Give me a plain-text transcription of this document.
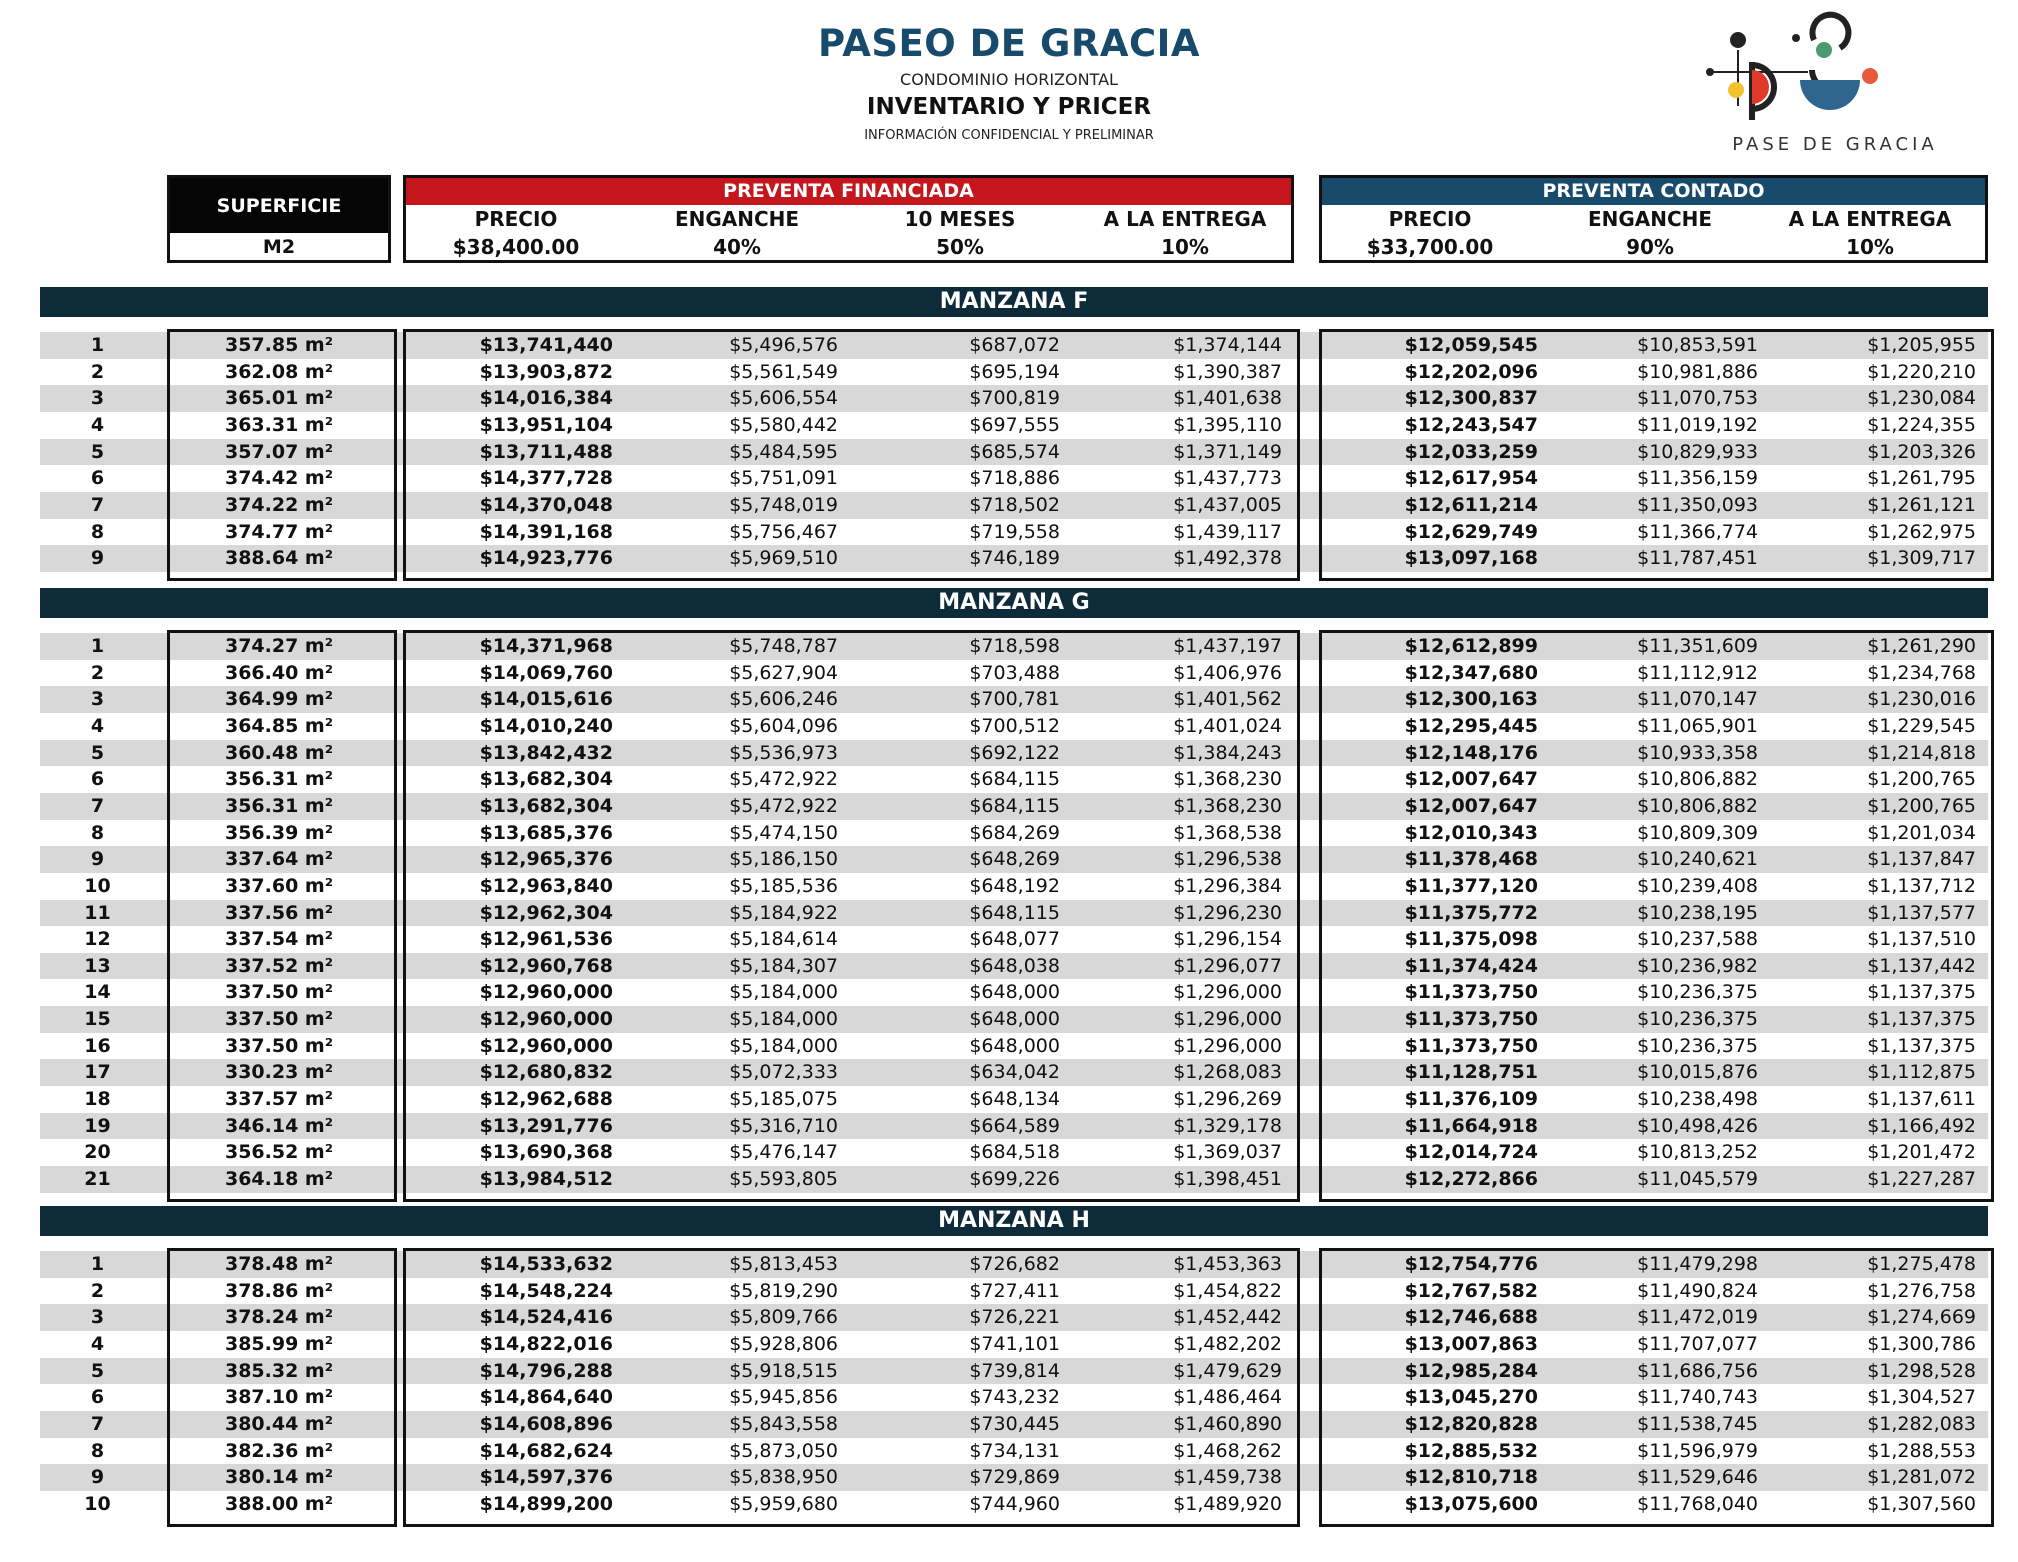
PASEO DE GRACIA
CONDOMINIO HORIZONTAL
INVENTARIO Y PRICER
INFORMACIÓN CONFIDENCIAL Y PRELIMINAR	PASE DE GRACIA
SUPERFICIE
M2
PREVENTA FINANCIADA	PREVENTA CONTADO
PRECIO
$38,400.00
ENGANCHE
40%
10 MESES
50%
A LA ENTREGA
10%
PRECIO
$33,700.00
ENGANCHE
90%
A LA ENTREGA
10%
MANZANA F
1	357.85 m²	$13,741,440	$5,496,576	$687,072	$1,374,144	$12,059,545	$10,853,591	$1,205,955
2	362.08 m²	$13,903,872	$5,561,549	$695,194	$1,390,387	$12,202,096	$10,981,886	$1,220,210
3	365.01 m²	$14,016,384	$5,606,554	$700,819	$1,401,638	$12,300,837	$11,070,753	$1,230,084
4	363.31 m²	$13,951,104	$5,580,442	$697,555	$1,395,110	$12,243,547	$11,019,192	$1,224,355
5	357.07 m²	$13,711,488	$5,484,595	$685,574	$1,371,149	$12,033,259	$10,829,933	$1,203,326
6	374.42 m²	$14,377,728	$5,751,091	$718,886	$1,437,773	$12,617,954	$11,356,159	$1,261,795
7	374.22 m²	$14,370,048	$5,748,019	$718,502	$1,437,005	$12,611,214	$11,350,093	$1,261,121
8	374.77 m²	$14,391,168	$5,756,467	$719,558	$1,439,117	$12,629,749	$11,366,774	$1,262,975
9	388.64 m²	$14,923,776	$5,969,510	$746,189	$1,492,378	$13,097,168	$11,787,451	$1,309,717
MANZANA G
1	374.27 m²	$14,371,968	$5,748,787	$718,598	$1,437,197	$12,612,899	$11,351,609	$1,261,290
2	366.40 m²	$14,069,760	$5,627,904	$703,488	$1,406,976	$12,347,680	$11,112,912	$1,234,768
3	364.99 m²	$14,015,616	$5,606,246	$700,781	$1,401,562	$12,300,163	$11,070,147	$1,230,016
4	364.85 m²	$14,010,240	$5,604,096	$700,512	$1,401,024	$12,295,445	$11,065,901	$1,229,545
5	360.48 m²	$13,842,432	$5,536,973	$692,122	$1,384,243	$12,148,176	$10,933,358	$1,214,818
6	356.31 m²	$13,682,304	$5,472,922	$684,115	$1,368,230	$12,007,647	$10,806,882	$1,200,765
7	356.31 m²	$13,682,304	$5,472,922	$684,115	$1,368,230	$12,007,647	$10,806,882	$1,200,765
8	356.39 m²	$13,685,376	$5,474,150	$684,269	$1,368,538	$12,010,343	$10,809,309	$1,201,034
9	337.64 m²	$12,965,376	$5,186,150	$648,269	$1,296,538	$11,378,468	$10,240,621	$1,137,847
10	337.60 m²	$12,963,840	$5,185,536	$648,192	$1,296,384	$11,377,120	$10,239,408	$1,137,712
11	337.56 m²	$12,962,304	$5,184,922	$648,115	$1,296,230	$11,375,772	$10,238,195	$1,137,577
12	337.54 m²	$12,961,536	$5,184,614	$648,077	$1,296,154	$11,375,098	$10,237,588	$1,137,510
13	337.52 m²	$12,960,768	$5,184,307	$648,038	$1,296,077	$11,374,424	$10,236,982	$1,137,442
14	337.50 m²	$12,960,000	$5,184,000	$648,000	$1,296,000	$11,373,750	$10,236,375	$1,137,375
15	337.50 m²	$12,960,000	$5,184,000	$648,000	$1,296,000	$11,373,750	$10,236,375	$1,137,375
16	337.50 m²	$12,960,000	$5,184,000	$648,000	$1,296,000	$11,373,750	$10,236,375	$1,137,375
17	330.23 m²	$12,680,832	$5,072,333	$634,042	$1,268,083	$11,128,751	$10,015,876	$1,112,875
18	337.57 m²	$12,962,688	$5,185,075	$648,134	$1,296,269	$11,376,109	$10,238,498	$1,137,611
19	346.14 m²	$13,291,776	$5,316,710	$664,589	$1,329,178	$11,664,918	$10,498,426	$1,166,492
20	356.52 m²	$13,690,368	$5,476,147	$684,518	$1,369,037	$12,014,724	$10,813,252	$1,201,472
21	364.18 m²	$13,984,512	$5,593,805	$699,226	$1,398,451	$12,272,866	$11,045,579	$1,227,287
MANZANA H
1	378.48 m²	$14,533,632	$5,813,453	$726,682	$1,453,363	$12,754,776	$11,479,298	$1,275,478
2	378.86 m²	$14,548,224	$5,819,290	$727,411	$1,454,822	$12,767,582	$11,490,824	$1,276,758
3	378.24 m²	$14,524,416	$5,809,766	$726,221	$1,452,442	$12,746,688	$11,472,019	$1,274,669
4	385.99 m²	$14,822,016	$5,928,806	$741,101	$1,482,202	$13,007,863	$11,707,077	$1,300,786
5	385.32 m²	$14,796,288	$5,918,515	$739,814	$1,479,629	$12,985,284	$11,686,756	$1,298,528
6	387.10 m²	$14,864,640	$5,945,856	$743,232	$1,486,464	$13,045,270	$11,740,743	$1,304,527
7	380.44 m²	$14,608,896	$5,843,558	$730,445	$1,460,890	$12,820,828	$11,538,745	$1,282,083
8	382.36 m²	$14,682,624	$5,873,050	$734,131	$1,468,262	$12,885,532	$11,596,979	$1,288,553
9	380.14 m²	$14,597,376	$5,838,950	$729,869	$1,459,738	$12,810,718	$11,529,646	$1,281,072
10	388.00 m²	$14,899,200	$5,959,680	$744,960	$1,489,920	$13,075,600	$11,768,040	$1,307,560
